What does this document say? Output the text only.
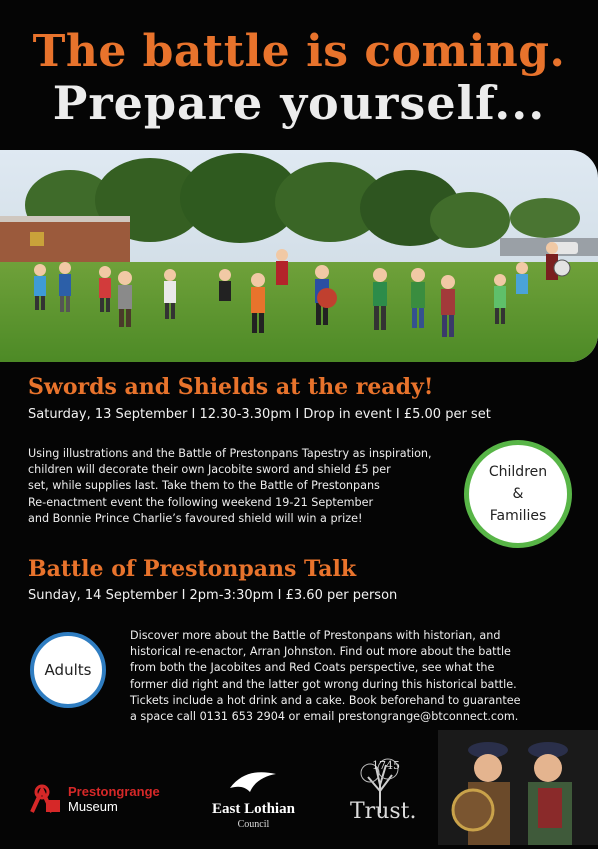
The battle is coming.
Prepare yourself...
Swords and Shields at the ready!
Saturday, 13 September I 12.30-3.30pm I Drop in event I £5.00 per set
Using illustrations and the Battle of Prestonpans Tapestry as inspiration,
children will decorate their own Jacobite sword and shield £5 per
set, while supplies last. Take them to the Battle of Prestonpans
Re-enactment event the following weekend 19-21 September
and Bonnie Prince Charlie’s favoured shield will win a prize!
Children
&
Families
Battle of Prestonpans Talk
Sunday, 14 September I 2pm-3:30pm I £3.60 per person
Adults
Discover more about the Battle of Prestonpans with historian, and
historical re-enactor, Arran Johnston. Find out more about the battle
from both the Jacobites and Red Coats perspective, see what the
former did right and the latter got wrong during this historical battle.
Tickets include a hot drink and a cake. Book beforehand to guarantee
a space call 0131 653 2904 or email prestongrange@btconnect.com.
Prestongrange
Museum	East Lothian
Council
1745
Trust.
